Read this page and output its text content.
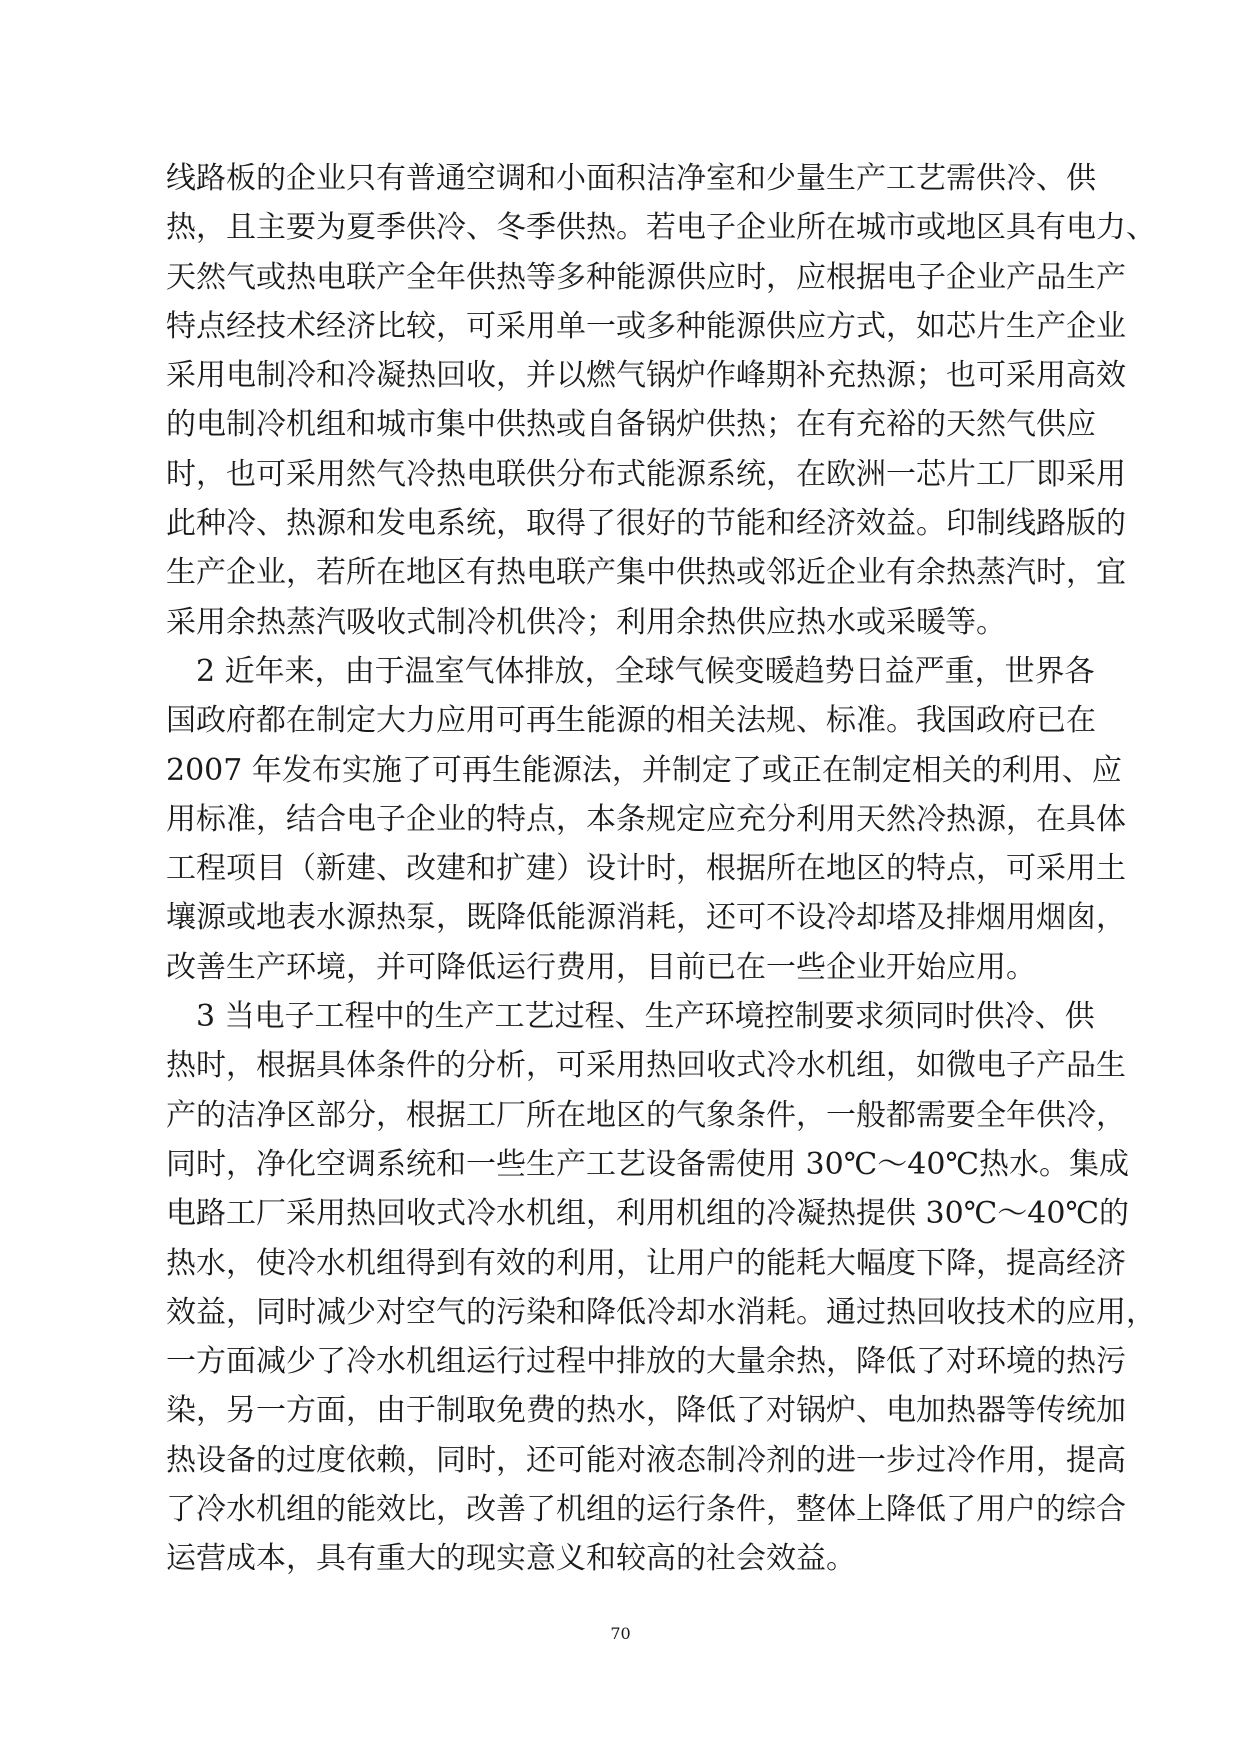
线路板的企业只有普通空调和小面积洁净室和少量生产工艺需供冷、供
热，且主要为夏季供冷、冬季供热。若电子企业所在城市或地区具有电力、
天然气或热电联产全年供热等多种能源供应时，应根据电子企业产品生产
特点经技术经济比较，可采用单一或多种能源供应方式，如芯片生产企业
采用电制冷和冷凝热回收，并以燃气锅炉作峰期补充热源；也可采用高效
的电制冷机组和城市集中供热或自备锅炉供热；在有充裕的天然气供应
时，也可采用然气冷热电联供分布式能源系统，在欧洲一芯片工厂即采用
此种冷、热源和发电系统，取得了很好的节能和经济效益。印制线路版的
生产企业，若所在地区有热电联产集中供热或邻近企业有余热蒸汽时，宜
采用余热蒸汽吸收式制冷机供冷；利用余热供应热水或采暖等。
2 近年来，由于温室气体排放，全球气候变暖趋势日益严重，世界各
国政府都在制定大力应用可再生能源的相关法规、标准。我国政府已在
2007 年发布实施了可再生能源法，并制定了或正在制定相关的利用、应
用标准，结合电子企业的特点，本条规定应充分利用天然冷热源，在具体
工程项目（新建、改建和扩建）设计时，根据所在地区的特点，可采用土
壤源或地表水源热泵，既降低能源消耗，还可不设冷却塔及排烟用烟囱，
改善生产环境，并可降低运行费用，目前已在一些企业开始应用。
3 当电子工程中的生产工艺过程、生产环境控制要求须同时供冷、供
热时，根据具体条件的分析，可采用热回收式冷水机组，如微电子产品生
产的洁净区部分，根据工厂所在地区的气象条件，一般都需要全年供冷，
同时，净化空调系统和一些生产工艺设备需使用 30℃～40℃热水。集成
电路工厂采用热回收式冷水机组，利用机组的冷凝热提供 30℃～40℃的
热水，使冷水机组得到有效的利用，让用户的能耗大幅度下降，提高经济
效益，同时减少对空气的污染和降低冷却水消耗。通过热回收技术的应用，
一方面减少了冷水机组运行过程中排放的大量余热，降低了对环境的热污
染，另一方面，由于制取免费的热水，降低了对锅炉、电加热器等传统加
热设备的过度依赖，同时，还可能对液态制冷剂的进一步过冷作用，提高
了冷水机组的能效比，改善了机组的运行条件，整体上降低了用户的综合
运营成本，具有重大的现实意义和较高的社会效益。
70
